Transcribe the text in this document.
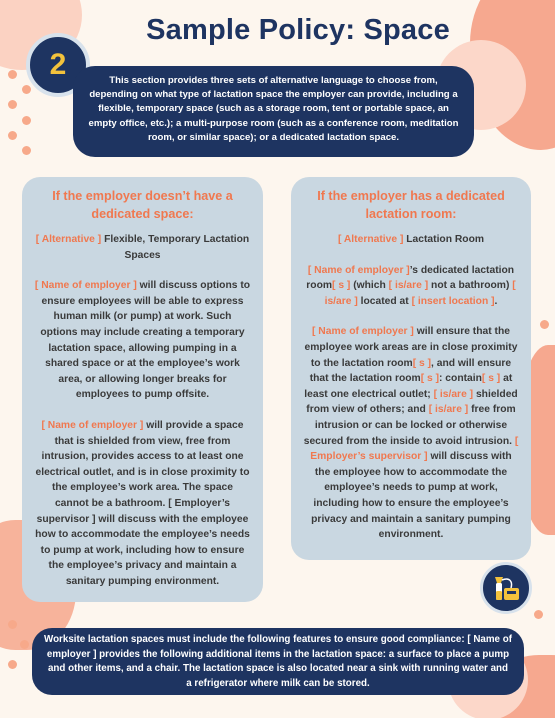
Sample Policy: Space
2	This section provides three sets of alternative language to choose from, depending on what type of lactation space the employer can provide, including a flexible, temporary space (such as a storage room, tent or portable space, an empty office, etc.); a multi-purpose room (such as a conference room, meditation room, or similar space); or a dedicated lactation space.
If the employer doesn’t have a dedicated space:

[ Alternative ] Flexible, Temporary Lactation Spaces

[ Name of employer ] will discuss options to ensure employees will be able to express human milk (or pump) at work. Such options may include creating a temporary lactation space, allowing pumping in a shared space or at the employee’s work area, or allowing longer breaks for employees to pump offsite.

[ Name of employer ] will provide a space that is shielded from view, free from intrusion, provides access to at least one electrical outlet, and is in close proximity to the employee’s work area. The space cannot be a bathroom. [ Employer’s supervisor ] will discuss with the employee how to accommodate the employee’s needs to pump at work, including how to ensure the employee’s privacy and maintain a sanitary pumping environment.

If the employer has a dedicated lactation room:

[ Alternative ] Lactation Room

[ Name of employer ]’s dedicated lactation room[ s ] (which [ is/are ] not a bathroom) [ is/are ] located at [ insert location ].

[ Name of employer ] will ensure that the employee work areas are in close proximity to the lactation room[ s ], and will ensure that the lactation room[ s ]: contain[ s ] at least one electrical outlet; [ is/are ] shielded from view of others; and [ is/are ] free from intrusion or can be locked or otherwise secured from the inside to avoid intrusion. [ Employer’s supervisor ] will discuss with the employee how to accommodate the employee’s needs to pump at work, including how to ensure the employee’s privacy and maintain a sanitary pumping environment.

Worksite lactation spaces must include the following features to ensure good compliance: [ Name of employer ] provides the following additional items in the lactation space: a surface to place a pump and other items, and a chair. The lactation space is also located near a sink with running water and a refrigerator where milk can be stored.
